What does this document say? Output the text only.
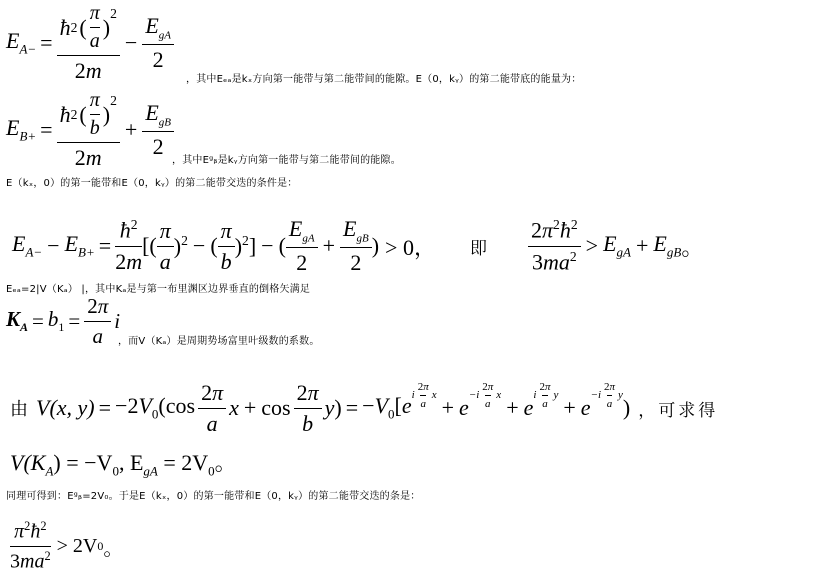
$E_{A-}$ = ħ 2 ( $\frac{\pi}{a}$ )
$^2$
$2m - \frac{E_{gA}}{2}$
，其中Eₑₐ是kₓ方向第一能带与第二能带间的能隙。E（0，kᵧ）的第二能带底的能量为：
$E_{B+}$ = ħ 2 ( $\frac{\pi}{b}$ )
$^2$
$2m + \frac{E_{gB}}{2}$
，其中Eᵍᵦ是kᵧ方向第一能带与第二能带间的能隙。
E（kₓ，0）的第一能带和E（0，kᵧ）的第二能带交迭的条件是：
$E_{A-} - E_{B+} = \frac{ħ^2}{2m}$ [( $\frac{\pi}{a} )^2$ − ( $\frac{\pi}{b} )^2$] − ( $\frac{E_{gA}}{2} + \frac{E_{gB}}{2}$ ) > 0， 即 $\frac{2\pi^2ħ^2}{3ma^2} > E_{gA} + E_{gB}$ 。
Eₑₐ=2|V（Kₐ） |，其中Kₐ是与第一布里渊区边界垂直的倒格矢满足
$K_A = b_1 = \frac{2\pi}{a}$ i
，而V（Kₐ）是周期势场富里叶级数的系数。
由 V(x, $y) = -2V_0(\cos \frac{2\pi}{a}$ $x + \cos \frac{2\pi}{b}$ y ) = $-V_0[e$ i $\frac{2\pi}{a}$ x
+ e
$-i \frac{2\pi}{a}$ x
+ e
i $\frac{2\pi}{a}$ y
+ e
$-i \frac{2\pi}{a}$ y
) ，可求得
$V(K_A) = -V_0$, $E_{gA} = 2V_0$。
同理可得到：Eᵍᵦ=2V₀。于是E（kₓ，0）的第一能带和E（0，kᵧ）的第二能带交迭的条是：
$\frac{\pi^2ħ^2}{3ma^2} > 2V$ 0 。
